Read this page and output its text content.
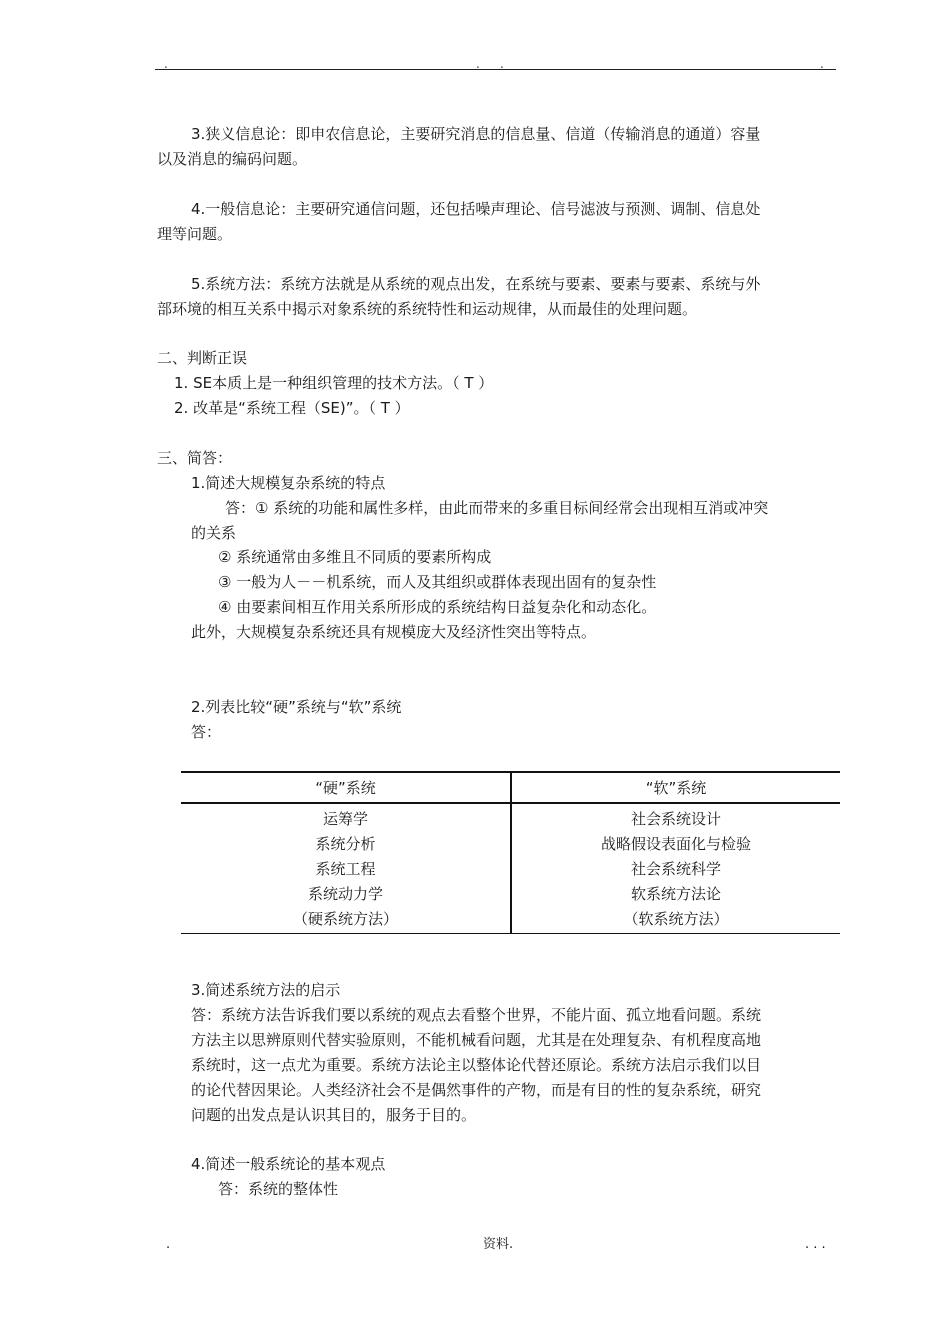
.	. .	.

3.狭义信息论：即申农信息论，主要研究消息的信息量、信道（传输消息的通道）容量

以及消息的编码问题。

4.一般信息论：主要研究通信问题，还包括噪声理论、信号滤波与预测、调制、信息处

理等问题。

5.系统方法：系统方法就是从系统的观点出发，在系统与要素、要素与要素、系统与外

部环境的相互关系中揭示对象系统的系统特性和运动规律，从而最佳的处理问题。

二、判断正误

1. SE本质上是一种组织管理的技术方法。（ T ）

2. 改革是“系统工程（SE)”。（ T ）

三、简答：

1.简述大规模复杂系统的特点

答：① 系统的功能和属性多样，由此而带来的多重目标间经常会出现相互消或冲突

的关系

② 系统通常由多维且不同质的要素所构成

③ 一般为人－－机系统，而人及其组织或群体表现出固有的复杂性

④ 由要素间相互作用关系所形成的系统结构日益复杂化和动态化。

此外，大规模复杂系统还具有规模庞大及经济性突出等特点。

2.列表比较“硬”系统与“软”系统

答：

“硬”系统	“软”系统
运筹学	社会系统设计
系统分析	战略假设表面化与检验
系统工程	社会系统科学
系统动力学	软系统方法论
（硬系统方法）	（软系统方法）

3.简述系统方法的启示

答：系统方法告诉我们要以系统的观点去看整个世界，不能片面、孤立地看问题。系统

方法主以思辨原则代替实验原则，不能机械看问题，尤其是在处理复杂、有机程度高地

系统时，这一点尤为重要。系统方法论主以整体论代替还原论。系统方法启示我们以目

的论代替因果论。人类经济社会不是偶然事件的产物，而是有目的性的复杂系统，研究

问题的出发点是认识其目的，服务于目的。

4.简述一般系统论的基本观点

答：系统的整体性

.	资料.	. . .
